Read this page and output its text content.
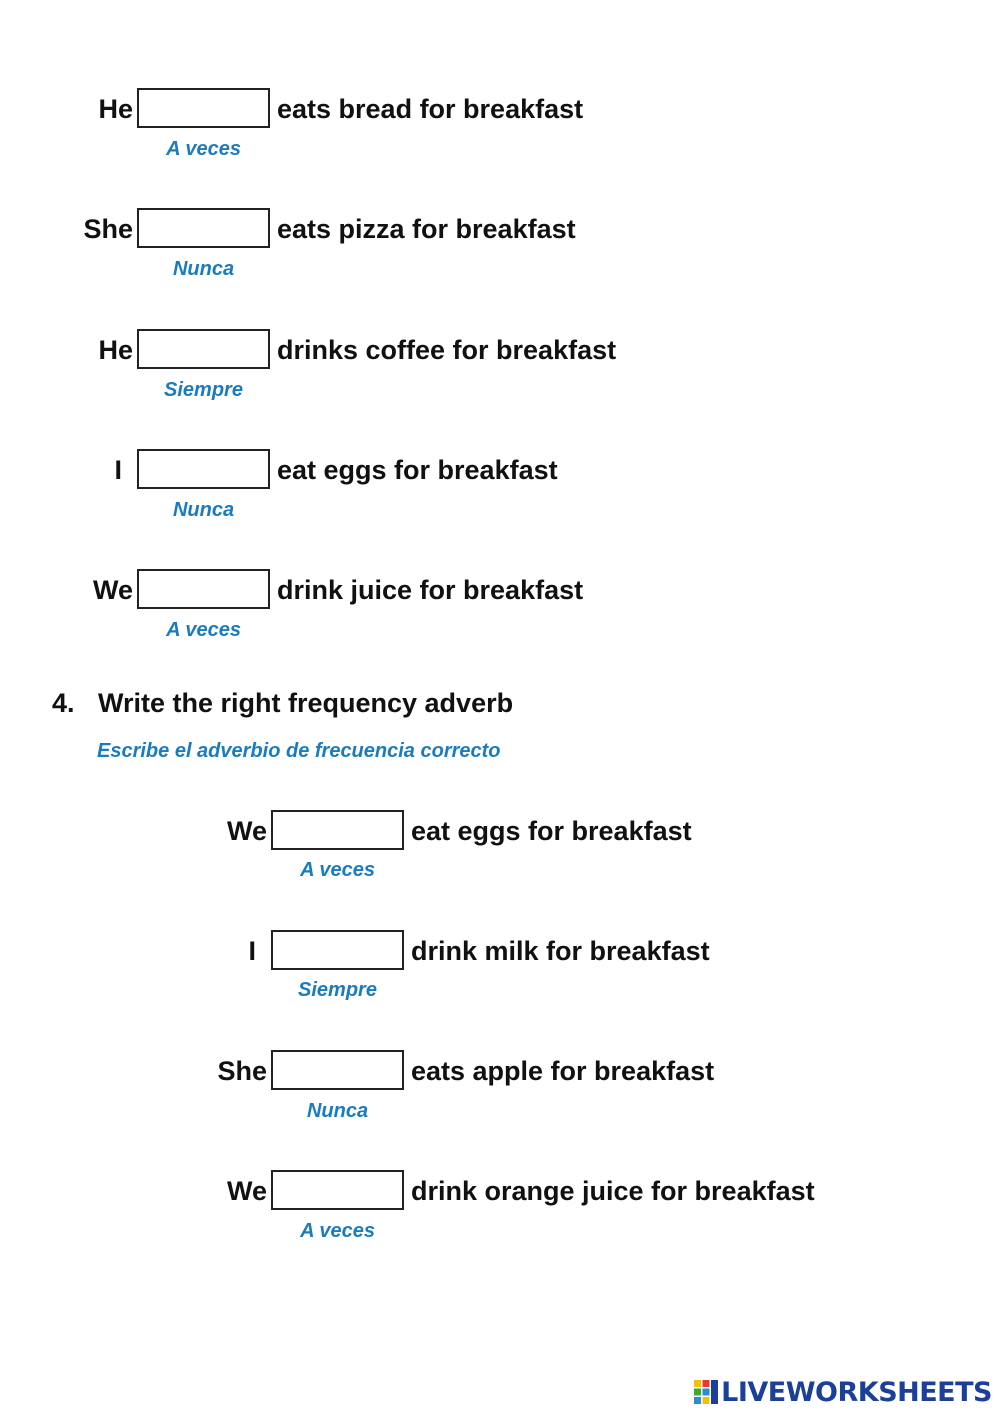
He	eats bread for breakfast
A veces
She	eats pizza for breakfast
Nunca
He	drinks coffee for breakfast
Siempre
I	eat eggs for breakfast
Nunca
We	drink juice for breakfast
A veces
4. Write the right frequency adverb
Escribe el adverbio de frecuencia correcto
We	eat eggs for breakfast
A veces
I	drink milk for breakfast
Siempre
She	eats apple for breakfast
Nunca
We	drink orange juice for breakfast
A veces
LIVEWORKSHEETS
